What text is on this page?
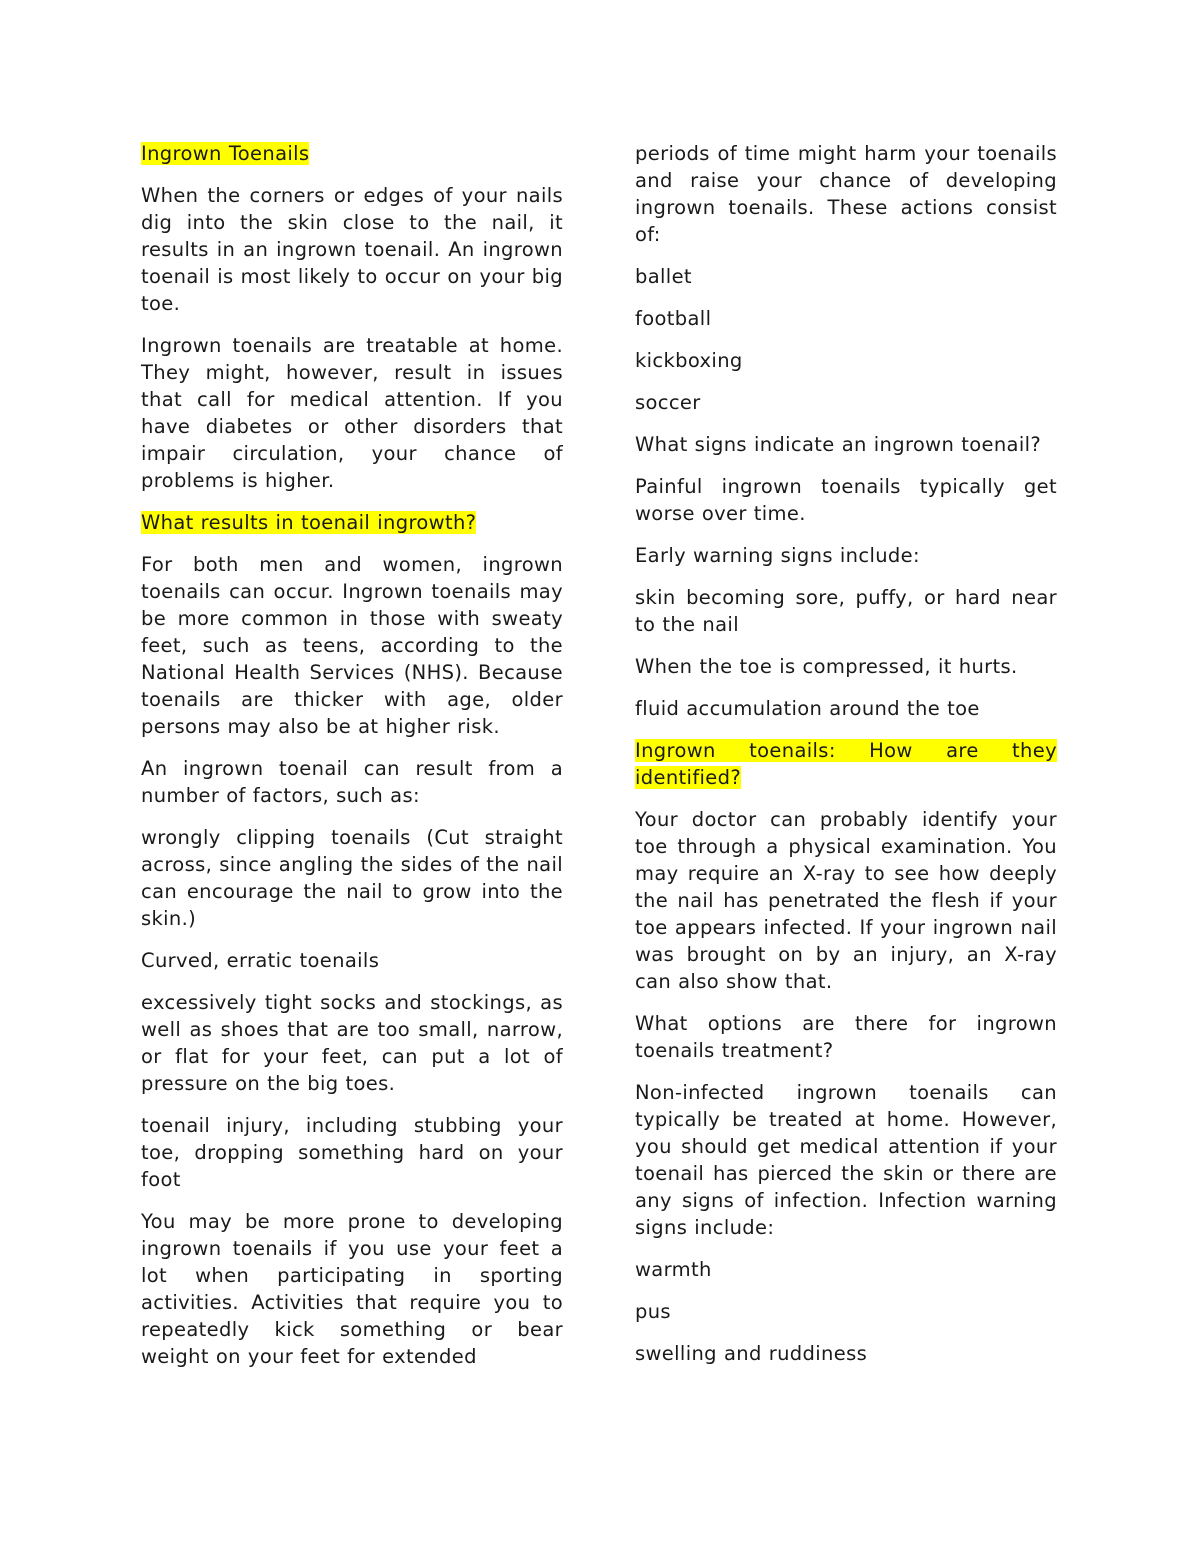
Ingrown Toenails

When the corners or edges of your nails dig into the skin close to the nail, it results in an ingrown toenail. An ingrown toenail is most likely to occur on your big toe.

Ingrown toenails are treatable at home. They might, however, result in issues that call for medical attention. If you have diabetes or other disorders that impair circulation, your chance of problems is higher.

What results in toenail ingrowth?

For both men and women, ingrown toenails can occur. Ingrown toenails may be more common in those with sweaty feet, such as teens, according to the National Health Services (NHS). Because toenails are thicker with age, older persons may also be at higher risk.

An ingrown toenail can result from a number of factors, such as:

wrongly clipping toenails (Cut straight across, since angling the sides of the nail can encourage the nail to grow into the skin.)

Curved, erratic toenails

excessively tight socks and stockings, as well as shoes that are too small, narrow, or flat for your feet, can put a lot of pressure on the big toes.

toenail injury, including stubbing your toe, dropping something hard on your foot

You may be more prone to developing ingrown toenails if you use your feet a lot when participating in sporting activities. Activities that require you to repeatedly kick something or bear weight on your feet for extended

periods of time might harm your toenails and raise your chance of developing ingrown toenails. These actions consist of:

ballet

football

kickboxing

soccer

What signs indicate an ingrown toenail?

Painful ingrown toenails typically get worse over time.

Early warning signs include:

skin becoming sore, puffy, or hard near to the nail

When the toe is compressed, it hurts.

fluid accumulation around the toe

Ingrown toenails: How are they identified?

Your doctor can probably identify your toe through a physical examination. You may require an X-ray to see how deeply the nail has penetrated the flesh if your toe appears infected. If your ingrown nail was brought on by an injury, an X-ray can also show that.

What options are there for ingrown toenails treatment?

Non-infected ingrown toenails can typically be treated at home. However, you should get medical attention if your toenail has pierced the skin or there are any signs of infection. Infection warning signs include:

warmth

pus

swelling and ruddiness
